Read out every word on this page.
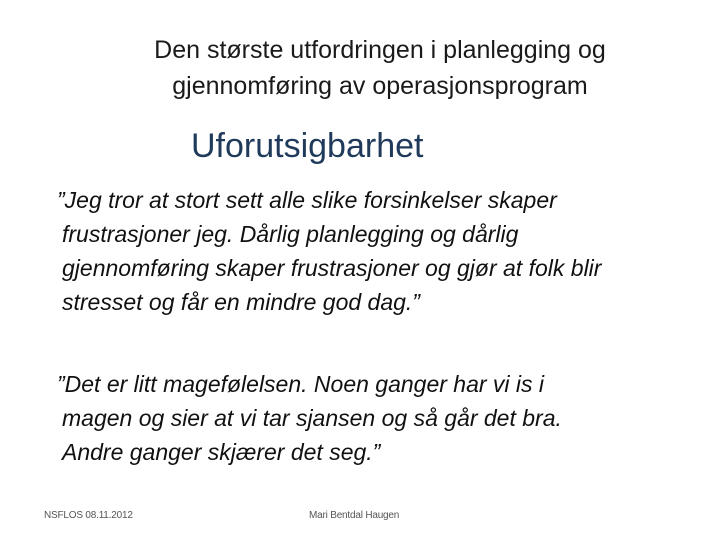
Den største utfordringen i planlegging og
gjennomføring av operasjonsprogram
Uforutsigbarhet
”Jeg tror at stort sett alle slike forsinkelser skaper
frustrasjoner jeg. Dårlig planlegging og dårlig
gjennomføring skaper frustrasjoner og gjør at folk blir
stresset og får en mindre god dag.”
”Det er litt magefølelsen. Noen ganger har vi is i
magen og sier at vi tar sjansen og så går det bra.
Andre ganger skjærer det seg.”
NSFLOS 08.11.2012	Mari Bentdal Haugen
